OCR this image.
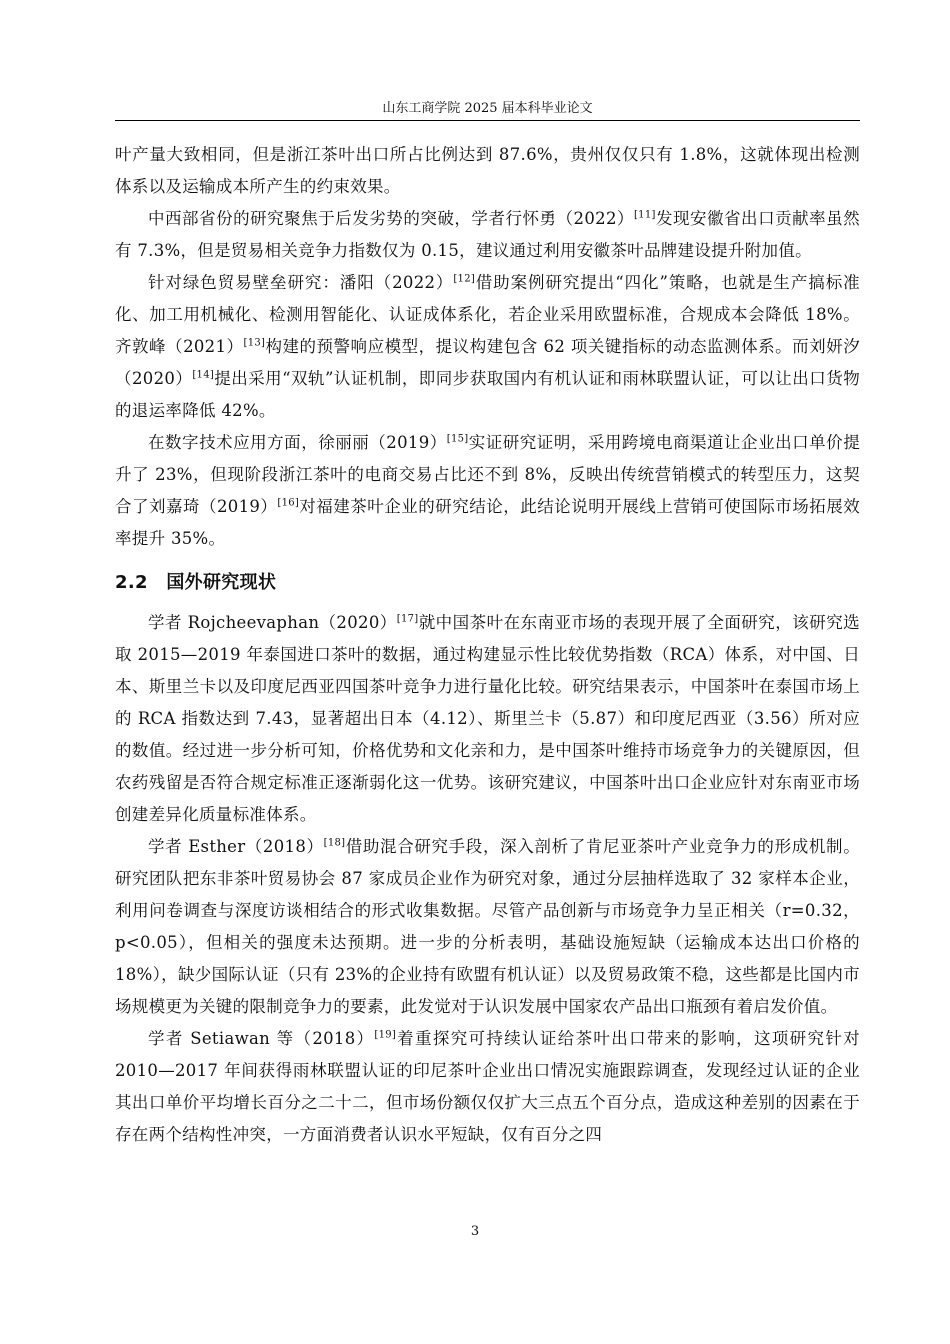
山东工商学院 2025 届本科毕业论文

叶产量大致相同，但是浙江茶叶出口所占比例达到 87.6%，贵州仅仅只有 1.8%，这就体现出检测体系以及运输成本所产生的约束效果。

中西部省份的研究聚焦于后发劣势的突破，学者行怀勇（2022）[11]发现安徽省出口贡献率虽然有 7.3%，但是贸易相关竞争力指数仅为 0.15，建议通过利用安徽茶叶品牌建设提升附加值。

针对绿色贸易壁垒研究：潘阳（2022）[12]借助案例研究提出“四化”策略，也就是生产搞标准化、加工用机械化、检测用智能化、认证成体系化，若企业采用欧盟标准，合规成本会降低 18%。齐敦峰（2021）[13]构建的预警响应模型，提议构建包含 62 项关键指标的动态监测体系。而刘妍汐（2020）[14]提出采用“双轨”认证机制，即同步获取国内有机认证和雨林联盟认证，可以让出口货物的退运率降低 42%。

在数字技术应用方面，徐丽丽（2019）[15]实证研究证明，采用跨境电商渠道让企业出口单价提升了 23%，但现阶段浙江茶叶的电商交易占比还不到 8%，反映出传统营销模式的转型压力，这契合了刘嘉琦（2019）[16]对福建茶叶企业的研究结论，此结论说明开展线上营销可使国际市场拓展效率提升 35%。

2.2 国外研究现状

学者 Rojcheevaphan（2020）[17]就中国茶叶在东南亚市场的表现开展了全面研究，该研究选取 2015—2019 年泰国进口茶叶的数据，通过构建显示性比较优势指数（RCA）体系，对中国、日本、斯里兰卡以及印度尼西亚四国茶叶竞争力进行量化比较。研究结果表示，中国茶叶在泰国市场上的 RCA 指数达到 7.43，显著超出日本（4.12）、斯里兰卡（5.87）和印度尼西亚（3.56）所对应的数值。经过进一步分析可知，价格优势和文化亲和力，是中国茶叶维持市场竞争力的关键原因，但农药残留是否符合规定标准正逐渐弱化这一优势。该研究建议，中国茶叶出口企业应针对东南亚市场创建差异化质量标准体系。

学者 Esther（2018）[18]借助混合研究手段，深入剖析了肯尼亚茶叶产业竞争力的形成机制。研究团队把东非茶叶贸易协会 87 家成员企业作为研究对象，通过分层抽样选取了 32 家样本企业，利用问卷调查与深度访谈相结合的形式收集数据。尽管产品创新与市场竞争力呈正相关（r=0.32，p<0.05），但相关的强度未达预期。进一步的分析表明，基础设施短缺（运输成本达出口价格的 18%），缺少国际认证（只有 23%的企业持有欧盟有机认证）以及贸易政策不稳，这些都是比国内市场规模更为关键的限制竞争力的要素，此发觉对于认识发展中国家农产品出口瓶颈有着启发价值。

学者 Setiawan 等（2018）[19]着重探究可持续认证给茶叶出口带来的影响，这项研究针对 2010—2017 年间获得雨林联盟认证的印尼茶叶企业出口情况实施跟踪调查，发现经过认证的企业其出口单价平均增长百分之二十二，但市场份额仅仅扩大三点五个百分点，造成这种差别的因素在于存在两个结构性冲突，一方面消费者认识水平短缺，仅有百分之四

3
